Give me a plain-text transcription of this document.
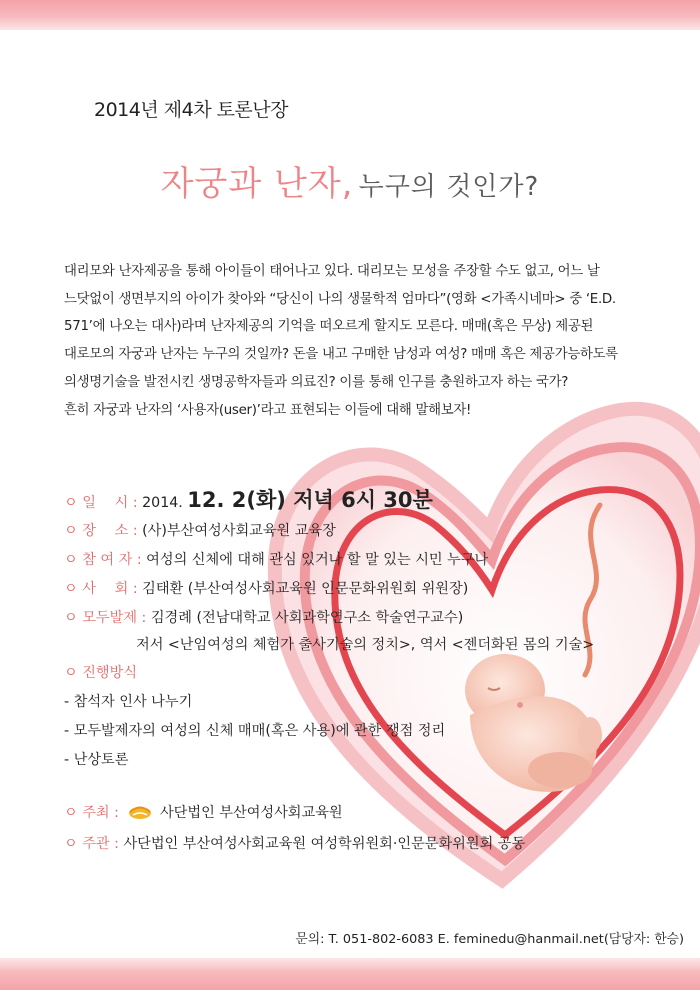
2014년 제4차 토론난장
자궁과 난자, 누구의 것인가?

대리모와 난자제공을 통해 아이들이 태어나고 있다. 대리모는 모성을 주장할 수도 없고, 어느 날

느닷없이 생면부지의 아이가 찾아와 “당신이 나의 생물학적 엄마다”(영화 <가족시네마> 중 ‘E.D.

571’에 나오는 대사)라며 난자제공의 기억을 떠오르게 할지도 모른다. 매매(혹은 무상) 제공된

대로모의 자궁과 난자는 누구의 것일까? 돈을 내고 구매한 남성과 여성? 매매 혹은 제공가능하도록

의생명기술을 발전시킨 생명공학자들과 의료진? 이를 통해 인구를 충원하고자 하는 국가?

흔히 자궁과 난자의 ‘사용자(user)’라고 표현되는 이들에 대해 말해보자!

ㅇ 일　 시 : 2014. 12. 2(화) 저녁 6시 30분
ㅇ 장　 소 : (사)부산여성사회교육원 교육장
ㅇ 참 여 자 : 여성의 신체에 대해 관심 있거나 할 말 있는 시민 누구나
ㅇ 사　 회 : 김태환 (부산여성사회교육원 인문문화위원회 위원장)
ㅇ 모두발제 : 김경례 (전남대학교 사회과학연구소 학술연구교수)
저서 <난임여성의 체험가 출사기술의 정치>, 역서 <젠더화된 몸의 기술>
ㅇ 진행방식
- 참석자 인사 나누기
- 모두발제자의 여성의 신체 매매(혹은 사용)에 관한 쟁점 정리
- 난상토론
ㅇ 주최 :	사단법인 부산여성사회교육원
ㅇ 주관 : 사단법인 부산여성사회교육원 여성학위원회·인문문화위원회 공동
문의: T. 051-802-6083 E. feminedu@hanmail.net(담당자: 한승)
